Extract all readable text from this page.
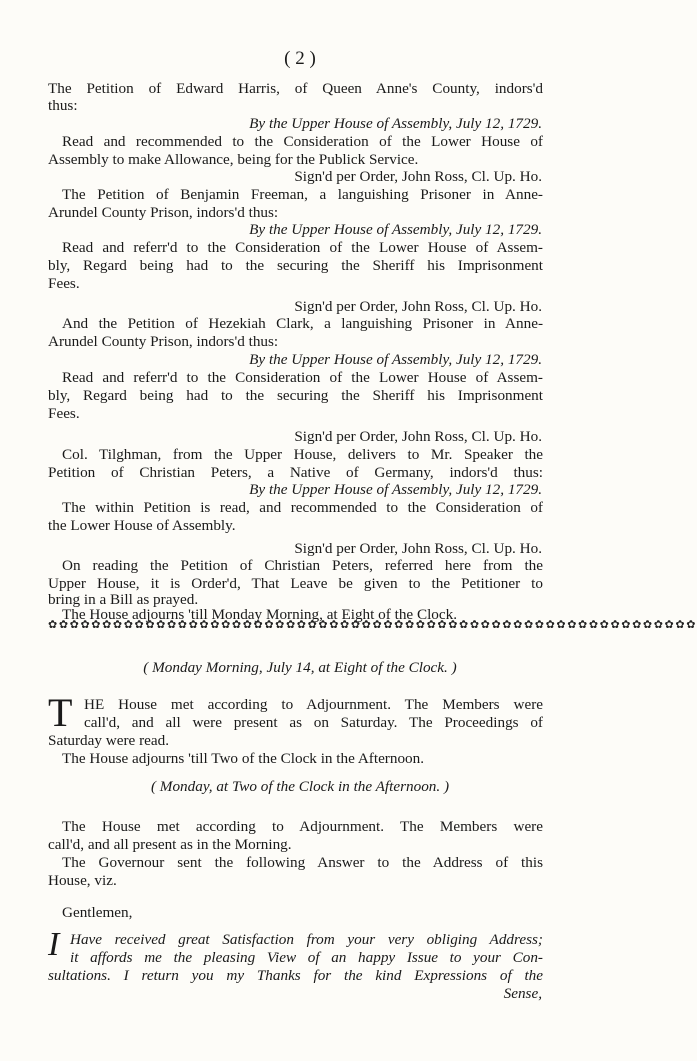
( 2 )
The Petition of Edward Harris, of Queen Anne's County, indors'd
thus:
By the Upper House of Assembly, July 12, 1729.
Read and recommended to the Consideration of the Lower House of
Assembly to make Allowance, being for the Publick Service.
Sign'd per Order, John Ross, Cl. Up. Ho.
The Petition of Benjamin Freeman, a languishing Prisoner in Anne-
Arundel County Prison, indors'd thus:
By the Upper House of Assembly, July 12, 1729.
Read and referr'd to the Consideration of the Lower House of Assem-
bly, Regard being had to the securing the Sheriff his Imprisonment
Fees.
Sign'd per Order, John Ross, Cl. Up. Ho.
And the Petition of Hezekiah Clark, a languishing Prisoner in Anne-
Arundel County Prison, indors'd thus:
By the Upper House of Assembly, July 12, 1729.
Read and referr'd to the Consideration of the Lower House of Assem-
bly, Regard being had to the securing the Sheriff his Imprisonment
Fees.
Sign'd per Order, John Ross, Cl. Up. Ho.
Col. Tilghman, from the Upper House, delivers to Mr. Speaker the
Petition of Christian Peters, a Native of Germany, indors'd thus:
By the Upper House of Assembly, July 12, 1729.
The within Petition is read, and recommended to the Consideration of
the Lower House of Assembly.
Sign'd per Order, John Ross, Cl. Up. Ho.
On reading the Petition of Christian Peters, referred here from the
Upper House, it is Order'd, That Leave be given to the Petitioner to
bring in a Bill as prayed.
The House adjourns 'till Monday Morning, at Eight of the Clock.
✿✿✿✿✿✿✿✿✿✿✿✿✿✿✿✿✿✿✿✿✿✿✿✿✿✿✿✿✿✿✿✿✿✿✿✿✿✿✿✿✿✿✿✿✿✿✿✿✿✿✿✿✿✿✿✿✿✿✿✿
( Monday Morning, July 14, at Eight of the Clock. )
T HE House met according to Adjournment. The Members were
call'd, and all were present as on Saturday. The Proceedings of
Saturday were read.
The House adjourns 'till Two of the Clock in the Afternoon.
( Monday, at Two of the Clock in the Afternoon. )
The House met according to Adjournment. The Members were
call'd, and all present as in the Morning.
The Governour sent the following Answer to the Address of this
House, viz.
Gentlemen,
I Have received great Satisfaction from your very obliging Address;
it affords me the pleasing View of an happy Issue to your Con-
sultations. I return you my Thanks for the kind Expressions of the
Sense,
